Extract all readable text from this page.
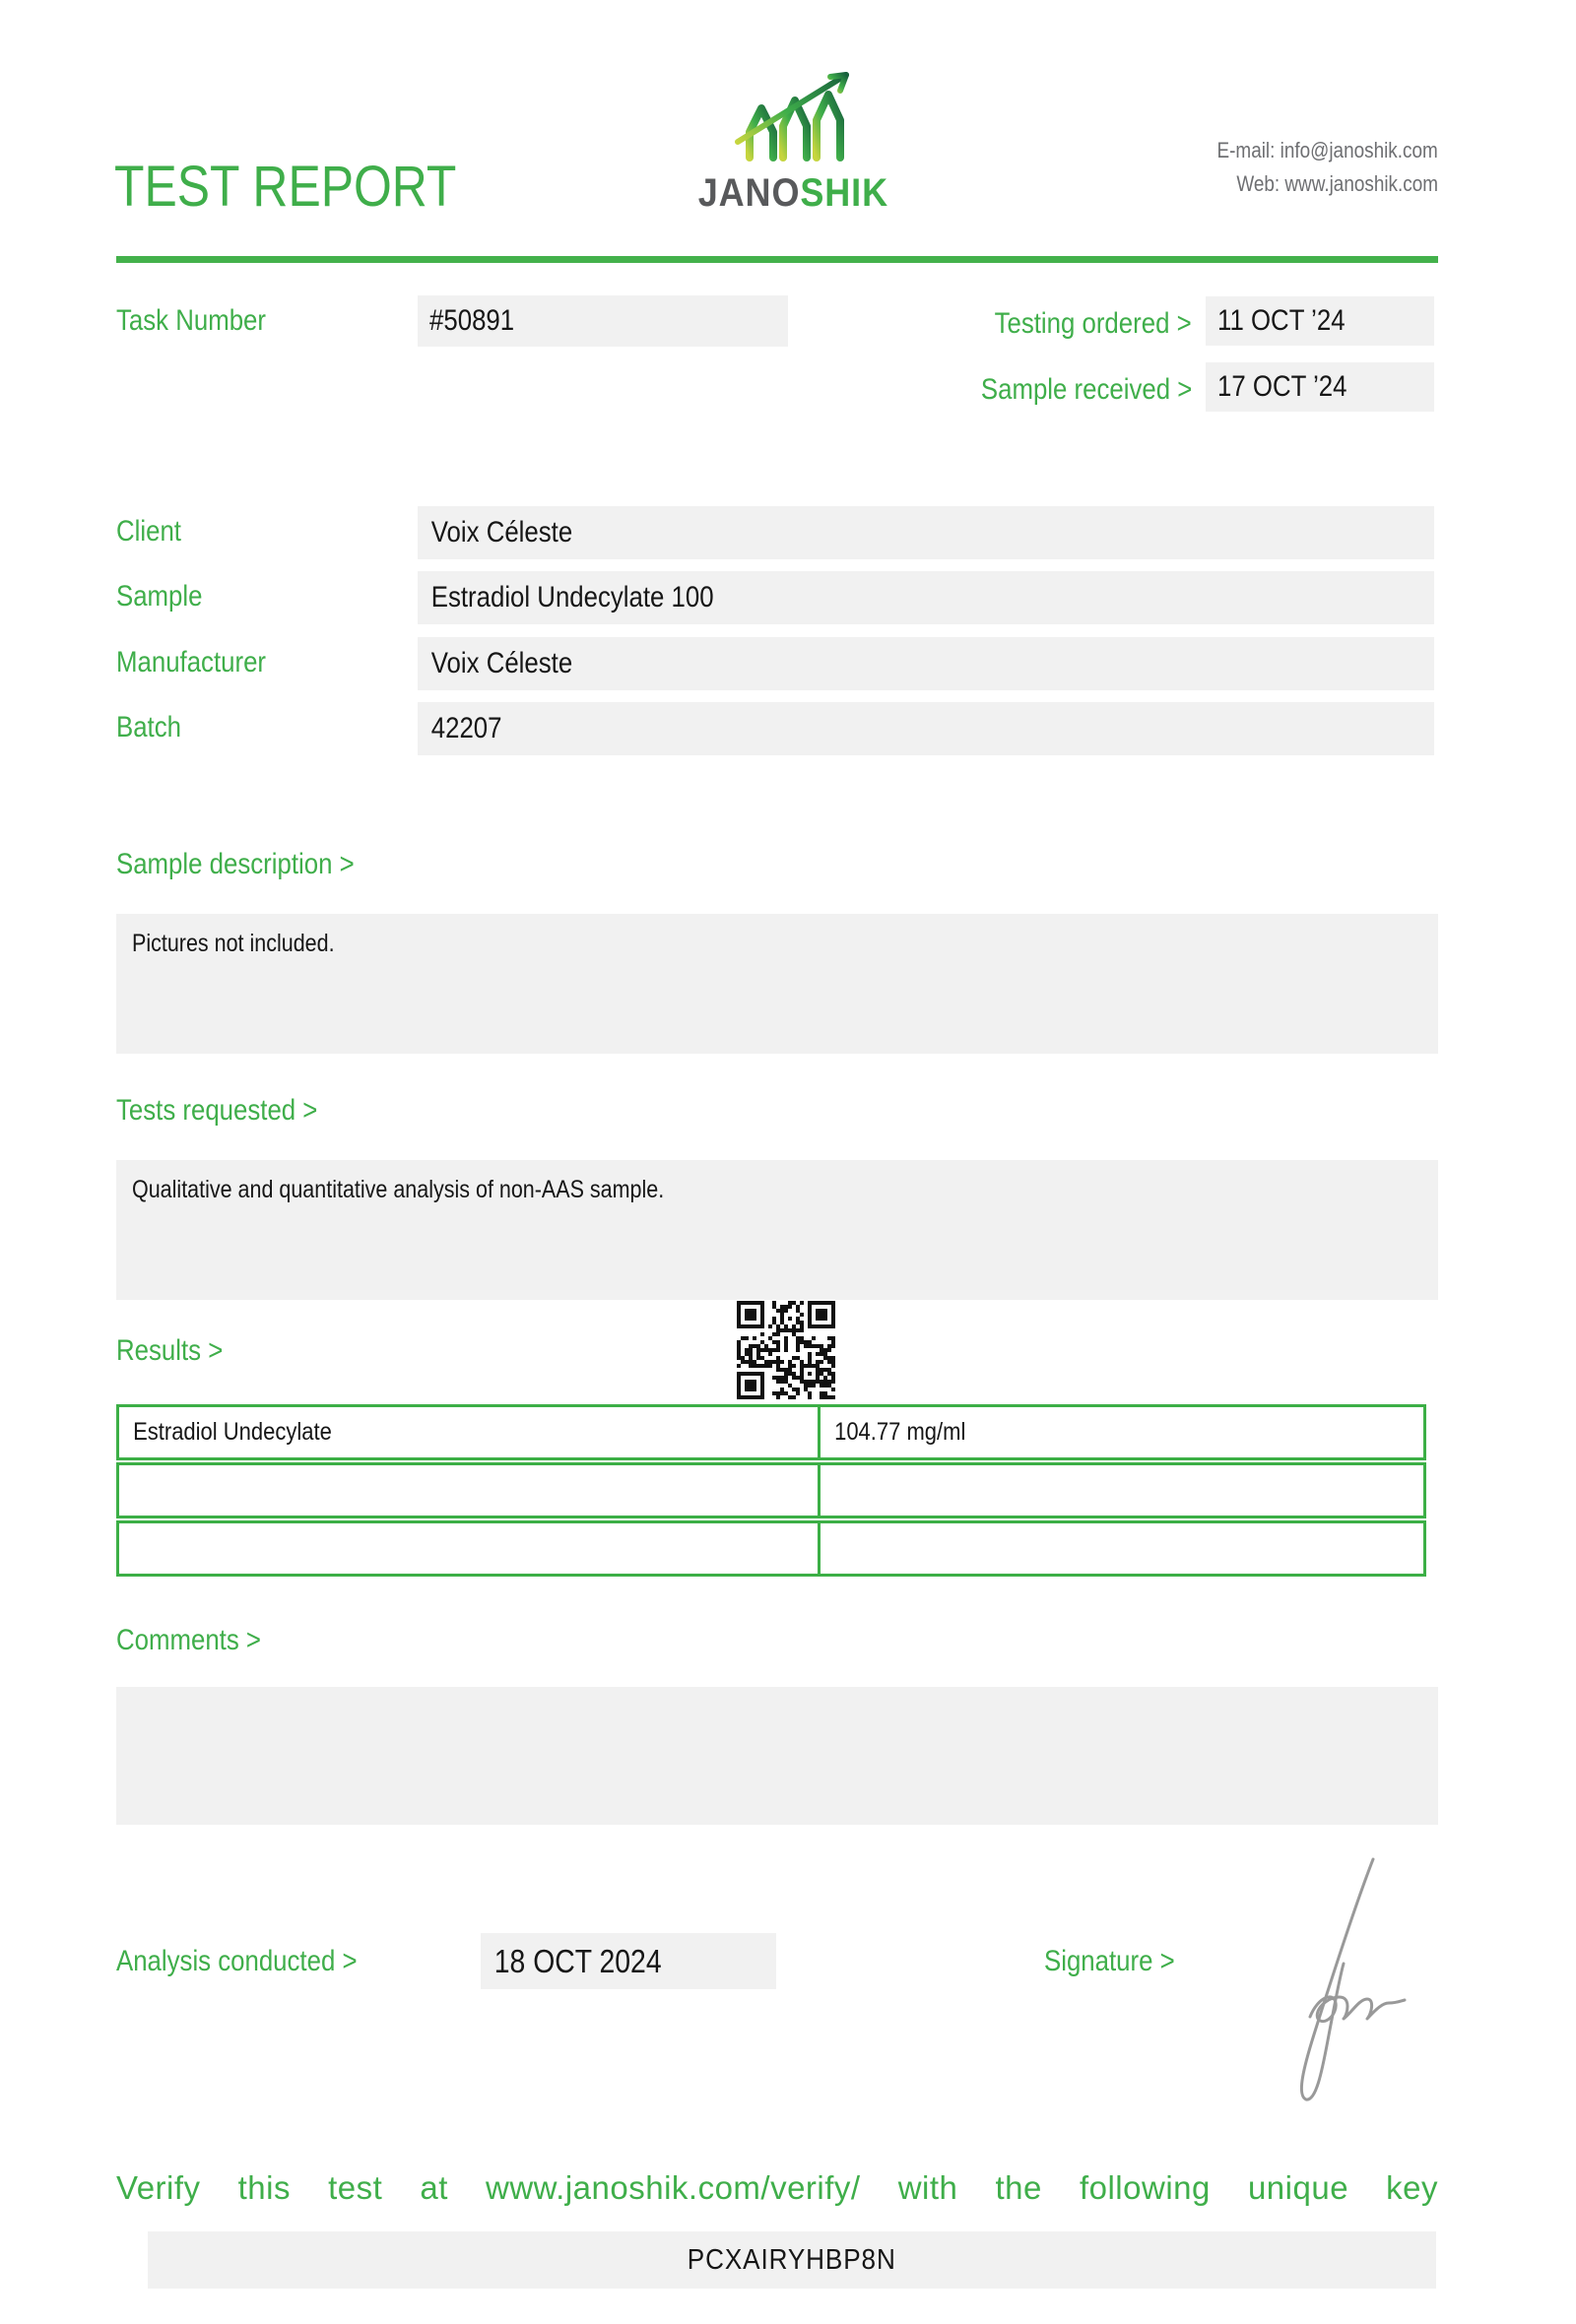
TEST REPORT	JANOSHIK
E-mail: info@janoshik.com
Web: www.janoshik.com
Task Number	#50891	Testing ordered > 11 OCT ’24
Sample received > 17 OCT ’24
Client	Voix Céleste
Sample	Estradiol Undecylate 100
Manufacturer	Voix Céleste
Batch	42207
Sample description >
Pictures not included.
Tests requested >
Qualitative and quantitative analysis of non-AAS sample.
Results >
Estradiol Undecylate	104.77 mg/ml
Comments >
Analysis conducted >	18 OCT 2024	Signature >
Verify this test at www.janoshik.com/verify/ with the following unique key
PCXAIRYHBP8N
